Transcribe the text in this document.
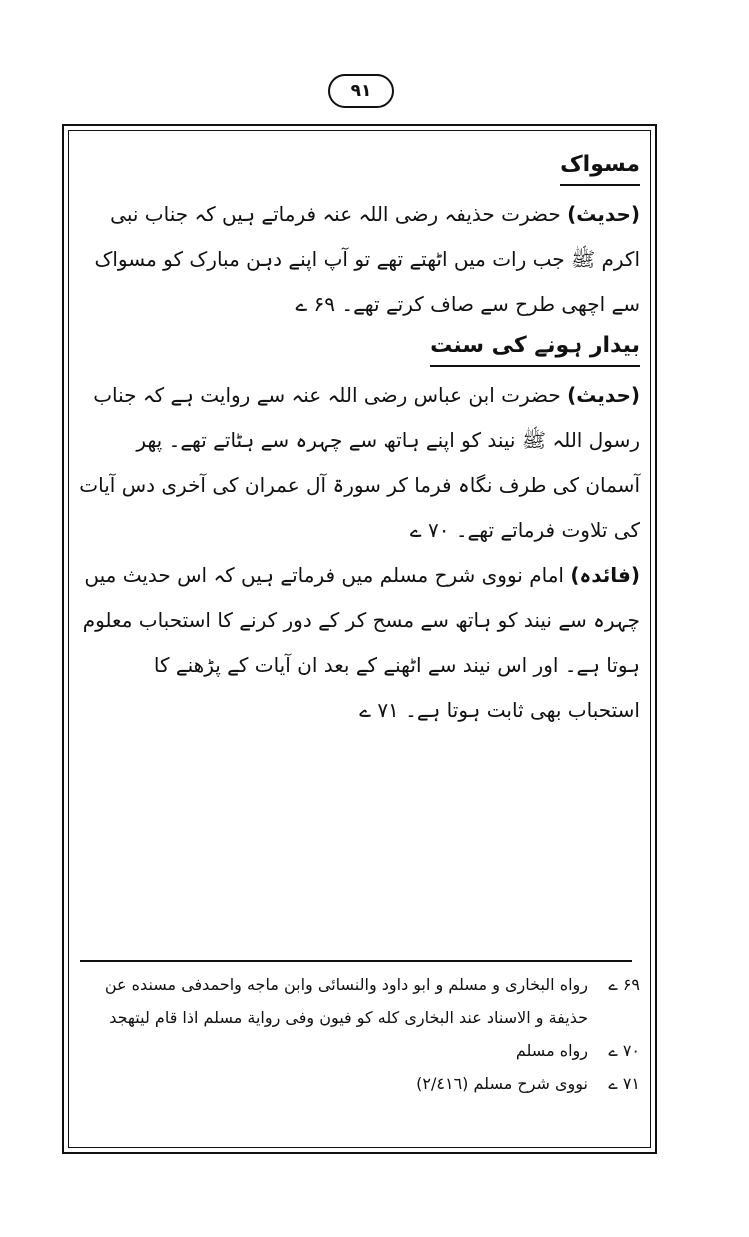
۹۱
مسواک

(حدیث) حضرت حذیفہ رضی اللہ عنہ فرماتے ہیں کہ جناب نبی اکرم ﷺ جب رات میں اٹھتے تھے تو آپ اپنے دہن مبارک کو مسواک سے اچھی طرح سے صاف کرتے تھے۔ ۶۹ ے

بیدار ہونے کی سنت

(حدیث) حضرت ابن عباس رضی اللہ عنہ سے روایت ہے کہ جناب رسول اللہ ﷺ نیند کو اپنے ہاتھ سے چہرہ سے ہٹاتے تھے۔ پھر آسمان کی طرف نگاہ فرما کر سورۃ آل عمران کی آخری دس آیات کی تلاوت فرماتے تھے۔ ۷۰ ے

(فائدہ) امام نووی شرح مسلم میں فرماتے ہیں کہ اس حدیث میں چہرہ سے نیند کو ہاتھ سے مسح کر کے دور کرنے کا استحباب معلوم ہوتا ہے۔ اور اس نیند سے اٹھنے کے بعد ان آیات کے پڑھنے کا استحباب بھی ثابت ہوتا ہے۔ ۷۱ ے

۶۹ ے
رواه البخاری و مسلم و ابو داود والنسائی وابن ماجه واحمدفی مسنده عن حذيفة و الاسناد عند البخاری كله كو فيون وفی رواية مسلم اذا قام ليتهجد
۷۰ ے
رواه مسلم
۷۱ ے
نووی شرح مسلم (٢/٤١٦)
